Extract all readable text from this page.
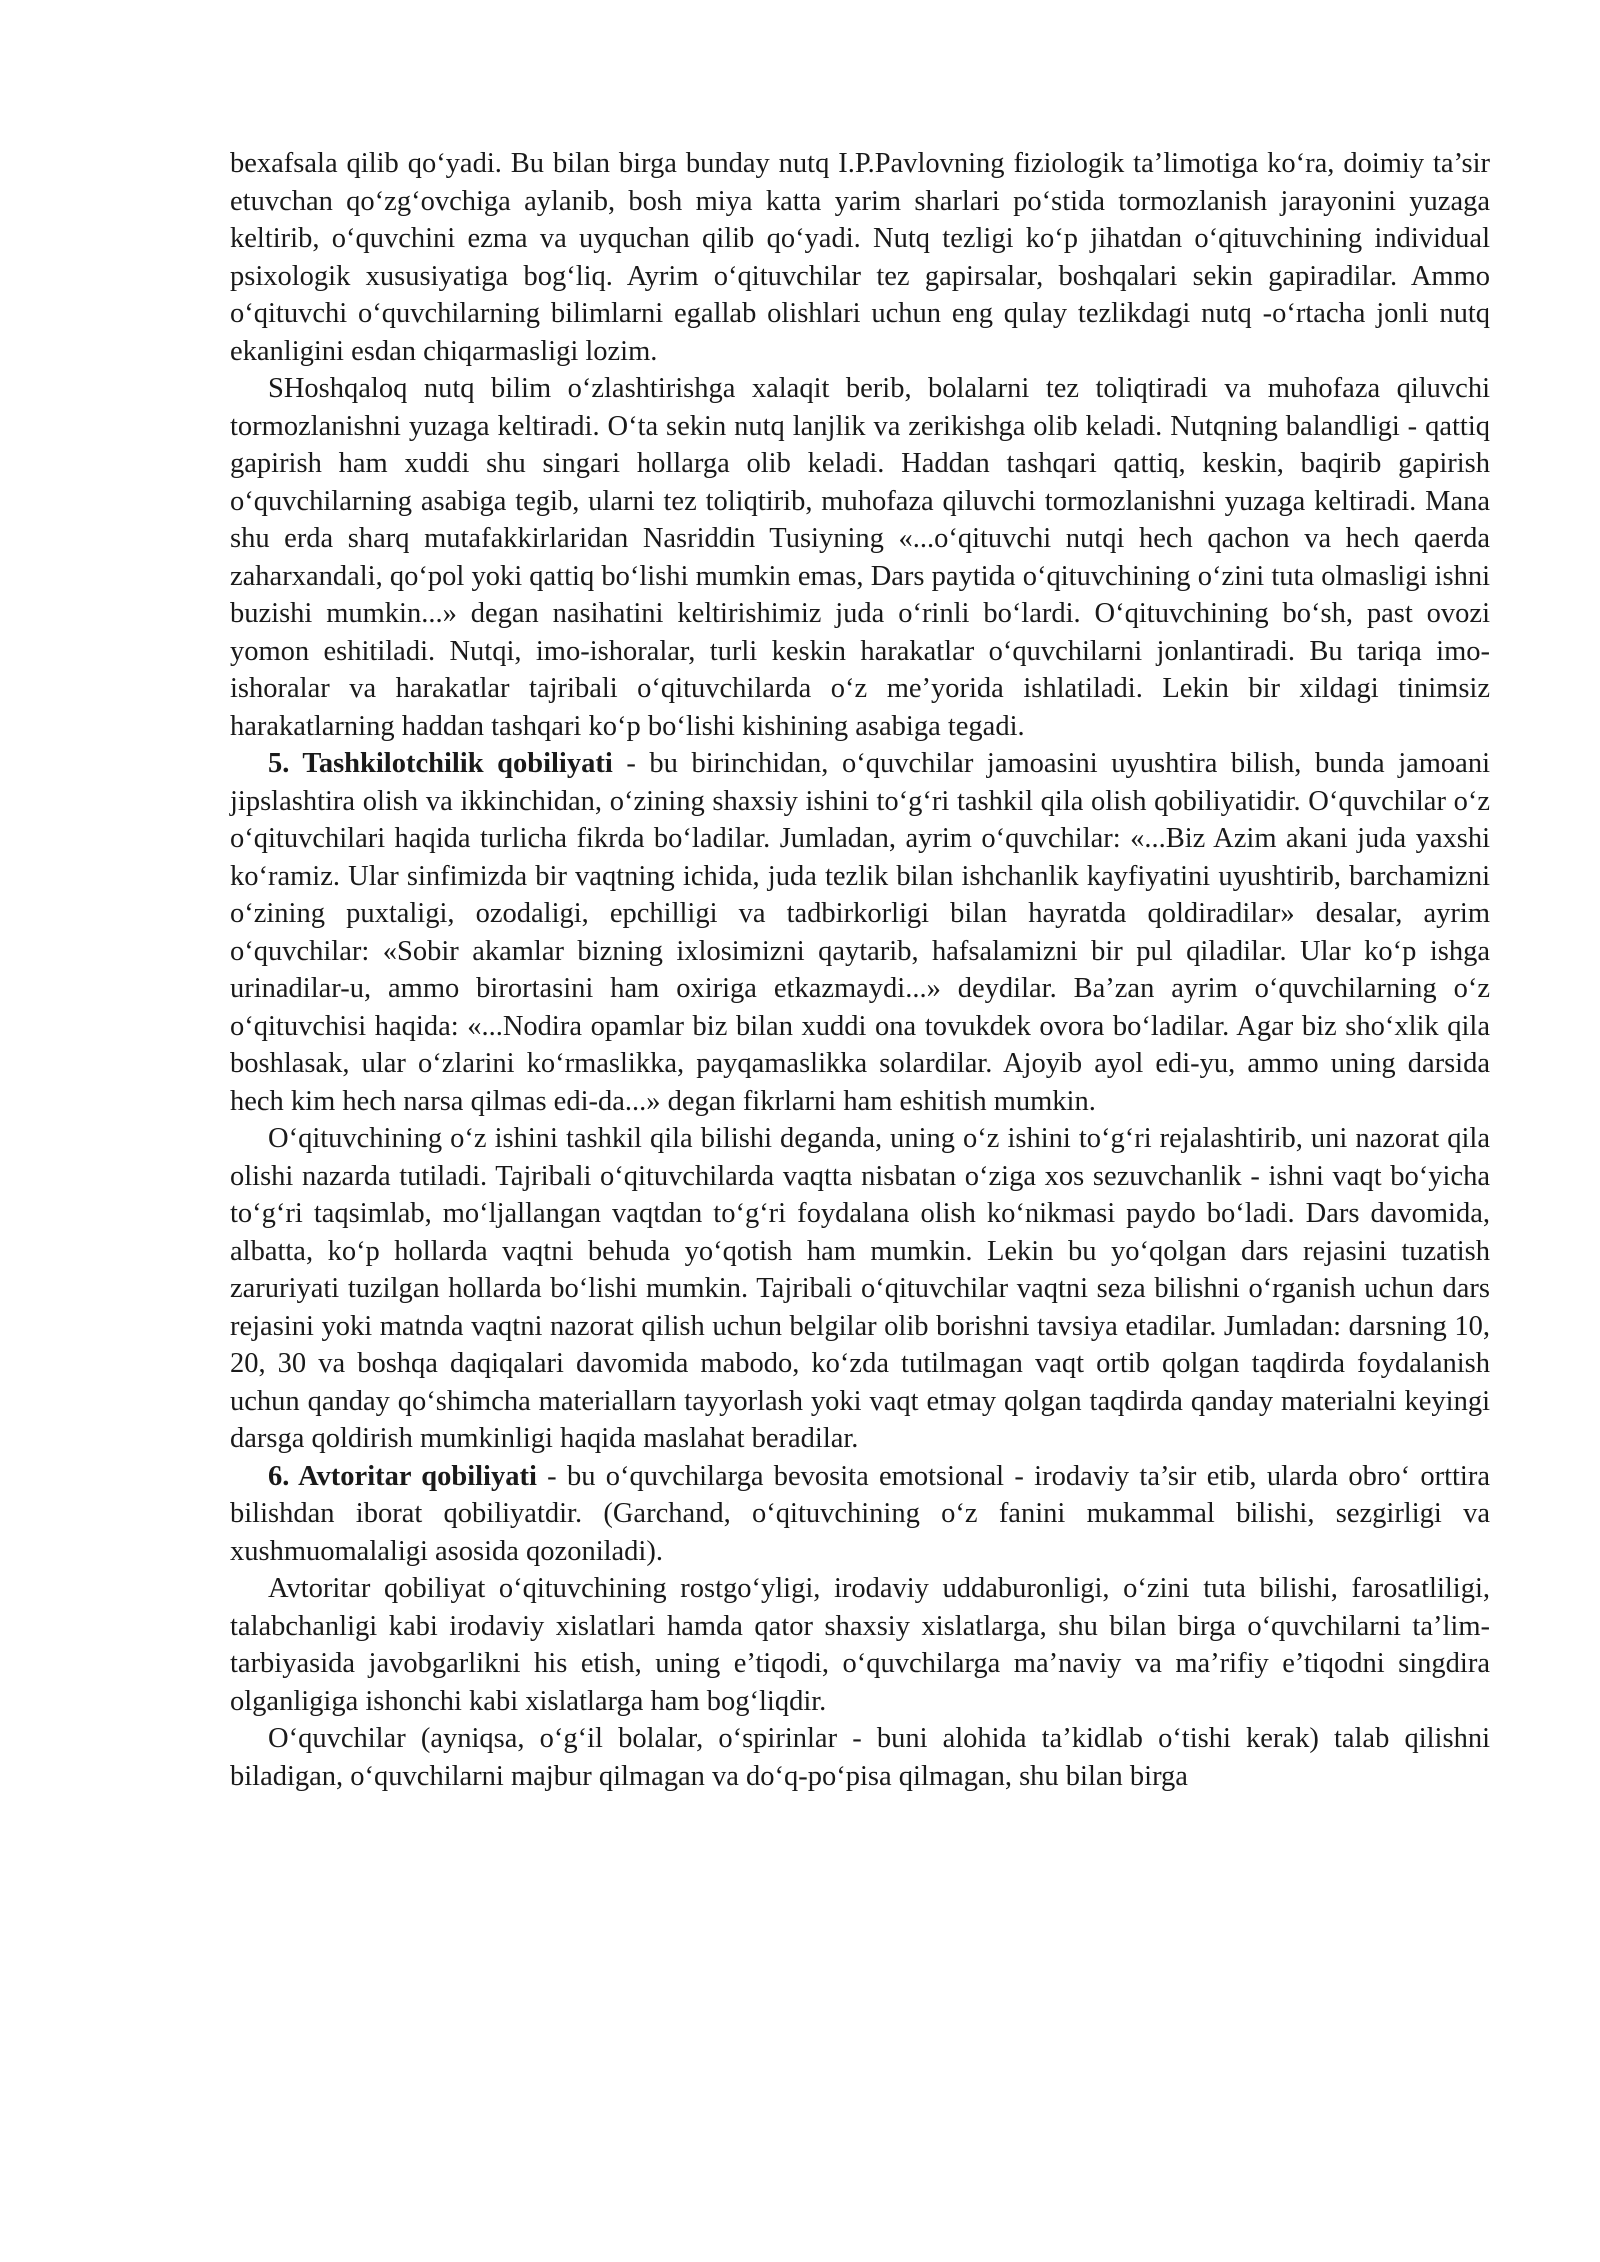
bexafsala qilib qo‘yadi. Bu bilan birga bunday nutq I.P.Pavlovning fiziologik ta’limotiga ko‘ra, doimiy ta’sir etuvchan qo‘zg‘ovchiga aylanib, bosh miya katta yarim sharlari po‘stida tormozlanish jarayonini yuzaga keltirib, o‘quvchini ezma va uyquchan qilib qo‘yadi. Nutq tezligi ko‘p jihatdan o‘qituvchining individual psixologik xususiyatiga bog‘liq. Ayrim o‘qituvchilar tez gapirsalar, boshqalari sekin gapiradilar. Ammo o‘qituvchi o‘quvchilarning bilimlarni egallab olishlari uchun eng qulay tezlikdagi nutq -o‘rtacha jonli nutq ekanligini esdan chiqarmasligi lozim.

SHoshqaloq nutq bilim o‘zlashtirishga xalaqit berib, bolalarni tez toliqtiradi va muhofaza qiluvchi tormozlanishni yuzaga keltiradi. O‘ta sekin nutq lanjlik va zerikishga olib keladi. Nutqning balandligi - qattiq gapirish ham xuddi shu singari hollarga olib keladi. Haddan tashqari qattiq, keskin, baqirib gapirish o‘quvchilarning asabiga tegib, ularni tez toliqtirib, muhofaza qiluvchi tormozlanishni yuzaga keltiradi. Mana shu erda sharq mutafakkirlaridan Nasriddin Tusiyning «...o‘qituvchi nutqi hech qachon va hech qaerda zaharxandali, qo‘pol yoki qattiq bo‘lishi mumkin emas, Dars paytida o‘qituvchining o‘zini tuta olmasligi ishni buzishi mumkin...» degan nasihatini keltirishimiz juda o‘rinli bo‘lardi. O‘qituvchining bo‘sh, past ovozi yomon eshitiladi. Nutqi, imo-ishoralar, turli keskin harakatlar o‘quvchilarni jonlantiradi. Bu tariqa imo-ishoralar va harakatlar tajribali o‘qituvchilarda o‘z me’yorida ishlatiladi. Lekin bir xildagi tinimsiz harakatlarning haddan tashqari ko‘p bo‘lishi kishining asabiga tegadi.

5. Tashkilotchilik qobiliyati - bu birinchidan, o‘quvchilar jamoasini uyushtira bilish, bunda jamoani jipslashtira olish va ikkinchidan, o‘zining shaxsiy ishini to‘g‘ri tashkil qila olish qobiliyatidir. O‘quvchilar o‘z o‘qituvchilari haqida turlicha fikrda bo‘ladilar. Jumladan, ayrim o‘quvchilar: «...Biz Azim akani juda yaxshi ko‘ramiz. Ular sinfimizda bir vaqtning ichida, juda tezlik bilan ishchanlik kayfiyatini uyushtirib, barchamizni o‘zining puxtaligi, ozodaligi, epchilligi va tadbirkorligi bilan hayratda qoldiradilar» desalar, ayrim o‘quvchilar: «Sobir akamlar bizning ixlosimizni qaytarib, hafsalamizni bir pul qiladilar. Ular ko‘p ishga urinadilar-u, ammo birortasini ham oxiriga etkazmaydi...» deydilar. Ba’zan ayrim o‘quvchilarning o‘z o‘qituvchisi haqida: «...Nodira opamlar biz bilan xuddi ona tovukdek ovora bo‘ladilar. Agar biz sho‘xlik qila boshlasak, ular o‘zlarini ko‘rmaslikka, payqamaslikka solardilar. Ajoyib ayol edi-yu, ammo uning darsida hech kim hech narsa qilmas edi-da...» degan fikrlarni ham eshitish mumkin.

O‘qituvchining o‘z ishini tashkil qila bilishi deganda, uning o‘z ishini to‘g‘ri rejalashtirib, uni nazorat qila olishi nazarda tutiladi. Tajribali o‘qituvchilarda vaqtta nisbatan o‘ziga xos sezuvchanlik - ishni vaqt bo‘yicha to‘g‘ri taqsimlab, mo‘ljallangan vaqtdan to‘g‘ri foydalana olish ko‘nikmasi paydo bo‘ladi. Dars davomida, albatta, ko‘p hollarda vaqtni behuda yo‘qotish ham mumkin. Lekin bu yo‘qolgan dars rejasini tuzatish zaruriyati tuzilgan hollarda bo‘lishi mumkin. Tajribali o‘qituvchilar vaqtni seza bilishni o‘rganish uchun dars rejasini yoki matnda vaqtni nazorat qilish uchun belgilar olib borishni tavsiya etadilar. Jumladan: darsning 10, 20, 30 va boshqa daqiqalari davomida mabodo, ko‘zda tutilmagan vaqt ortib qolgan taqdirda foydalanish uchun qanday qo‘shimcha materiallarn tayyorlash yoki vaqt etmay qolgan taqdirda qanday materialni keyingi darsga qoldirish mumkinligi haqida maslahat beradilar.

6. Avtoritar qobiliyati - bu o‘quvchilarga bevosita emotsional - irodaviy ta’sir etib, ularda obro‘ orttira bilishdan iborat qobiliyatdir. (Garchand, o‘qituvchining o‘z fanini mukammal bilishi, sezgirligi va xushmuomalaligi asosida qozoniladi).

Avtoritar qobiliyat o‘qituvchining rostgo‘yligi, irodaviy uddaburonligi, o‘zini tuta bilishi, farosatliligi, talabchanligi kabi irodaviy xislatlari hamda qator shaxsiy xislatlarga, shu bilan birga o‘quvchilarni ta’lim-tarbiyasida javobgarlikni his etish, uning e’tiqodi, o‘quvchilarga ma’naviy va ma’rifiy e’tiqodni singdira olganligiga ishonchi kabi xislatlarga ham bog‘liqdir.

O‘quvchilar (ayniqsa, o‘g‘il bolalar, o‘spirinlar - buni alohida ta’kidlab o‘tishi kerak) talab qilishni biladigan, o‘quvchilarni majbur qilmagan va do‘q-po‘pisa qilmagan, shu bilan birga
